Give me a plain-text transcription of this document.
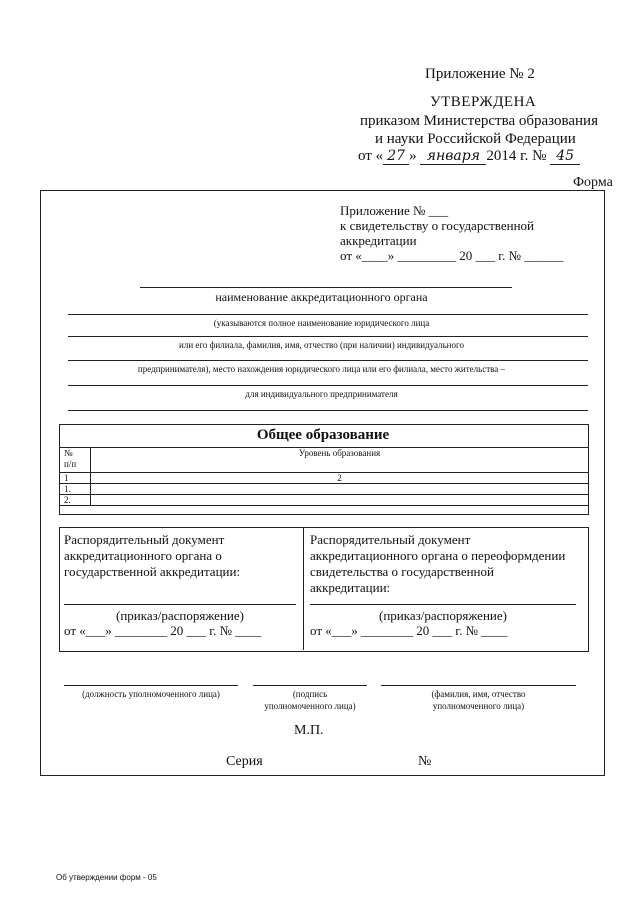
Приложение № 2
УТВЕРЖДЕНА
приказом Министерства образования
и науки Российской Федерации
от « 27 » января 2014 г. № 45
Форма
Приложение № ___
к свидетельству о государственной
аккредитации
от «____» _________ 20 ___ г. № ______
наименование аккредитационного органа
(указываются полное наименование юридического лица
или его филиала, фамилия, имя, отчество (при наличии) индивидуального
предпринимателя), место нахождения юридического лица или его филиала, место жительства –
для индивидуального предпринимателя
Общее образование
№
п/п	Уровень образования
1	2
1.	
2.	
Распорядительный документ
аккредитационного органа о
государственной аккредитации:
(приказ/распоряжение)
от «___» ________ 20 ___ г. № ____
Распорядительный документ
аккредитационного органа о переоформдении
свидетельства о государственной
аккредитации:
(приказ/распоряжение)
от «___» ________ 20 ___ г. № ____
(должность уполномоченного лица)	(подпись
уполномоченного лица)
(фамилия, имя, отчество
уполномоченного лица)
М.П.
Серия	№
Об утверждении форм - 05
